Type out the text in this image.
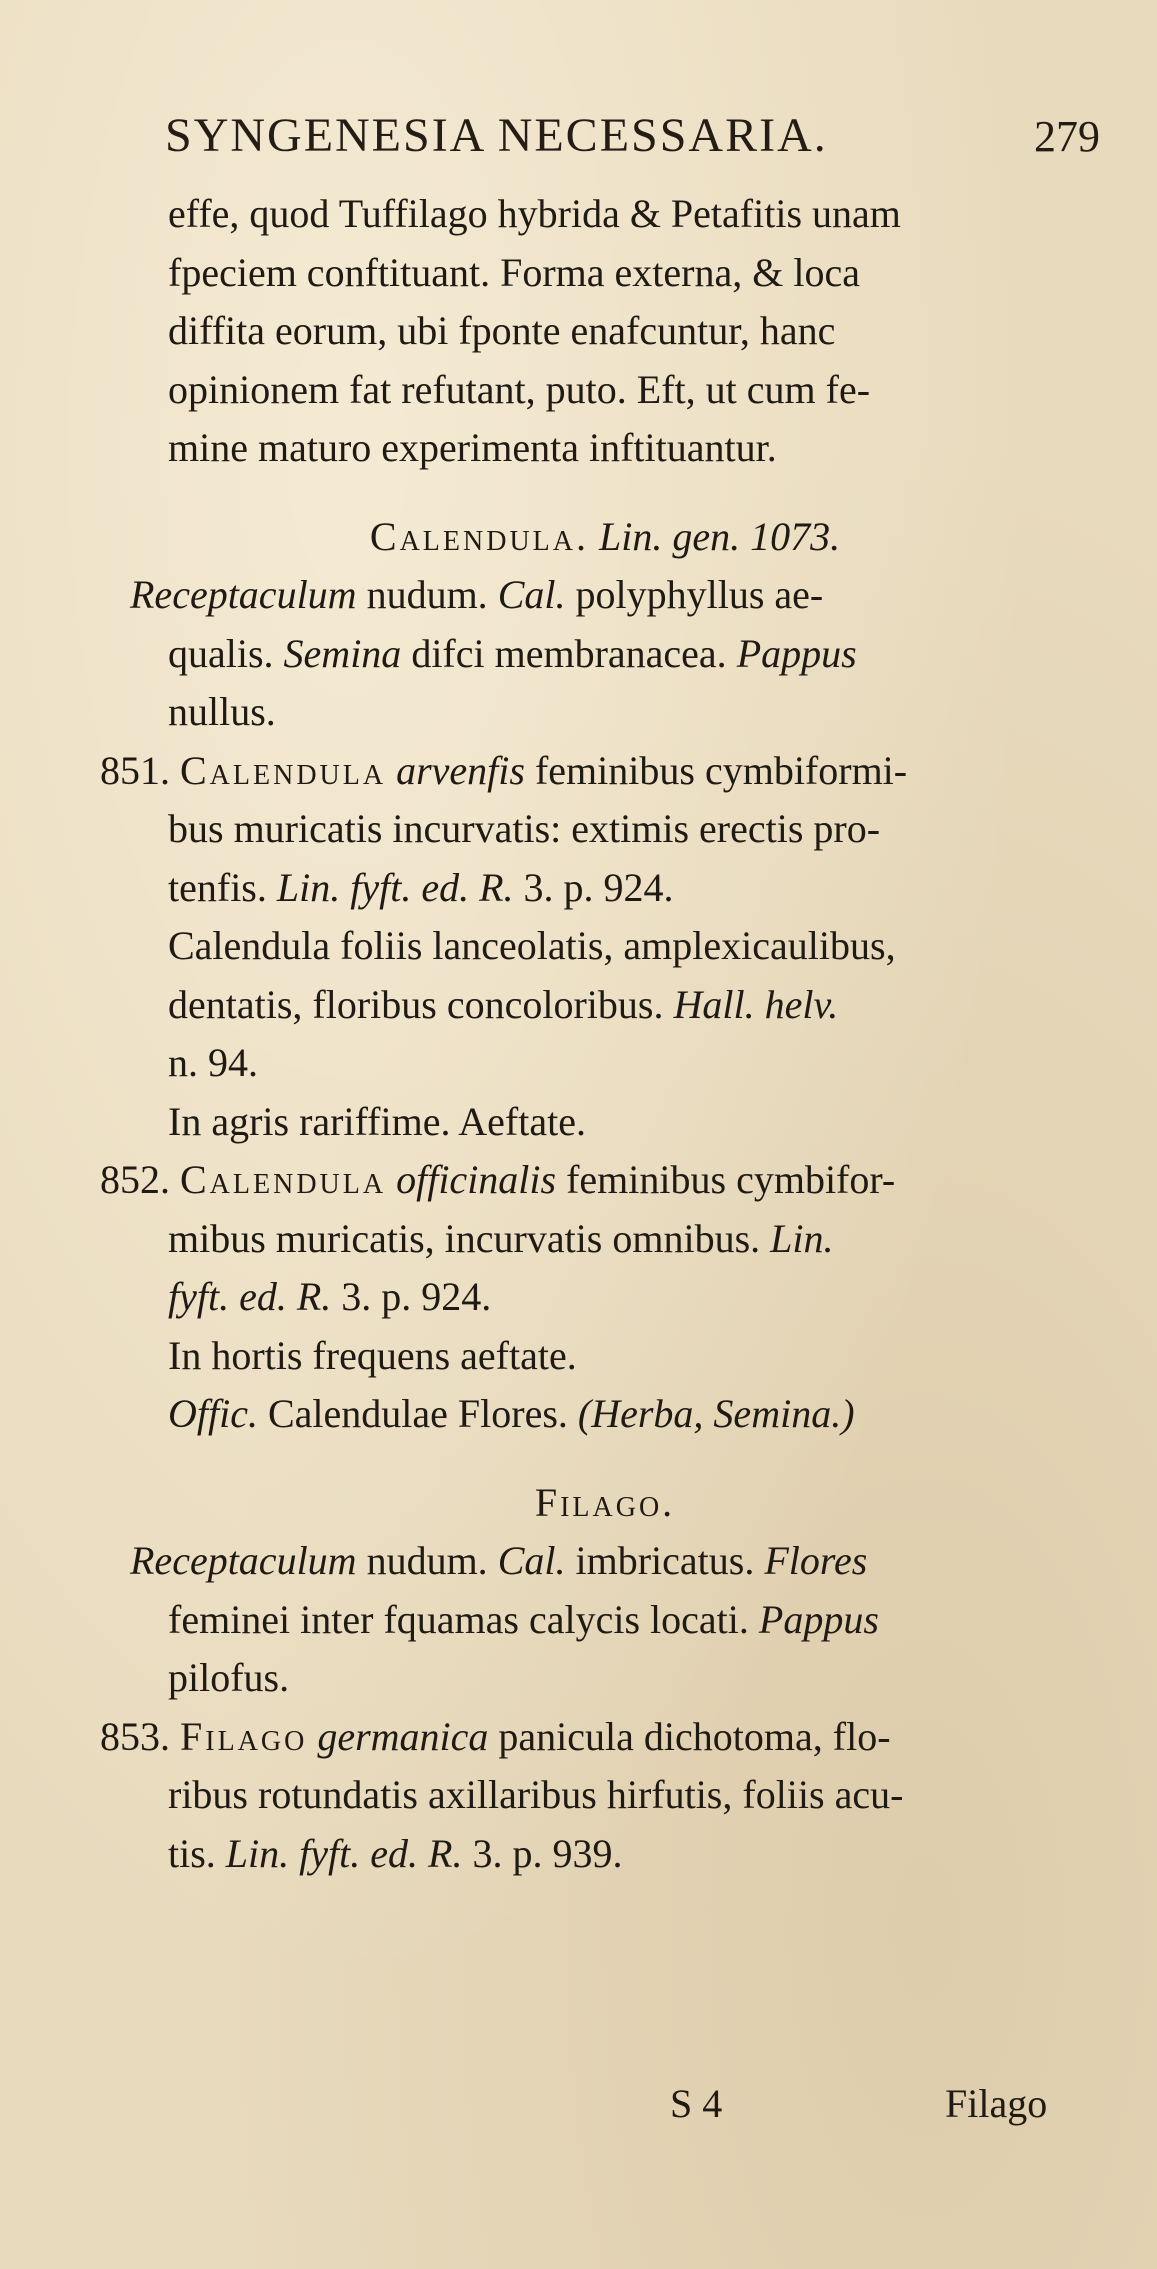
SYNGENESIA NECESSARIA.	279
effe, quod Tuffilago hybrida & Petafitis unam
fpeciem conftituant. Forma externa, & loca
diffita eorum, ubi fponte enafcuntur, hanc
opinionem fat refutant, puto. Eft, ut cum fe-
mine maturo experimenta inftituantur.
Calendula. Lin. gen. 1073.
Receptaculum nudum. Cal. polyphyllus ae-
qualis. Semina difci membranacea. Pappus
nullus.
851. Calendula arvenfis feminibus cymbiformi-
bus muricatis incurvatis: extimis erectis pro-
tenfis. Lin. fyft. ed. R. 3. p. 924.
Calendula foliis lanceolatis, amplexicaulibus,
dentatis, floribus concoloribus. Hall. helv.
n. 94.
In agris rariffime. Aeftate.
852. Calendula officinalis feminibus cymbifor-
mibus muricatis, incurvatis omnibus. Lin.
fyft. ed. R. 3. p. 924.
In hortis frequens aeftate.
Offic. Calendulae Flores. (Herba, Semina.)
Filago.
Receptaculum nudum. Cal. imbricatus. Flores
feminei inter fquamas calycis locati. Pappus
pilofus.
853. Filago germanica panicula dichotoma, flo-
ribus rotundatis axillaribus hirfutis, foliis acu-
tis. Lin. fyft. ed. R. 3. p. 939.
S 4	Filago
